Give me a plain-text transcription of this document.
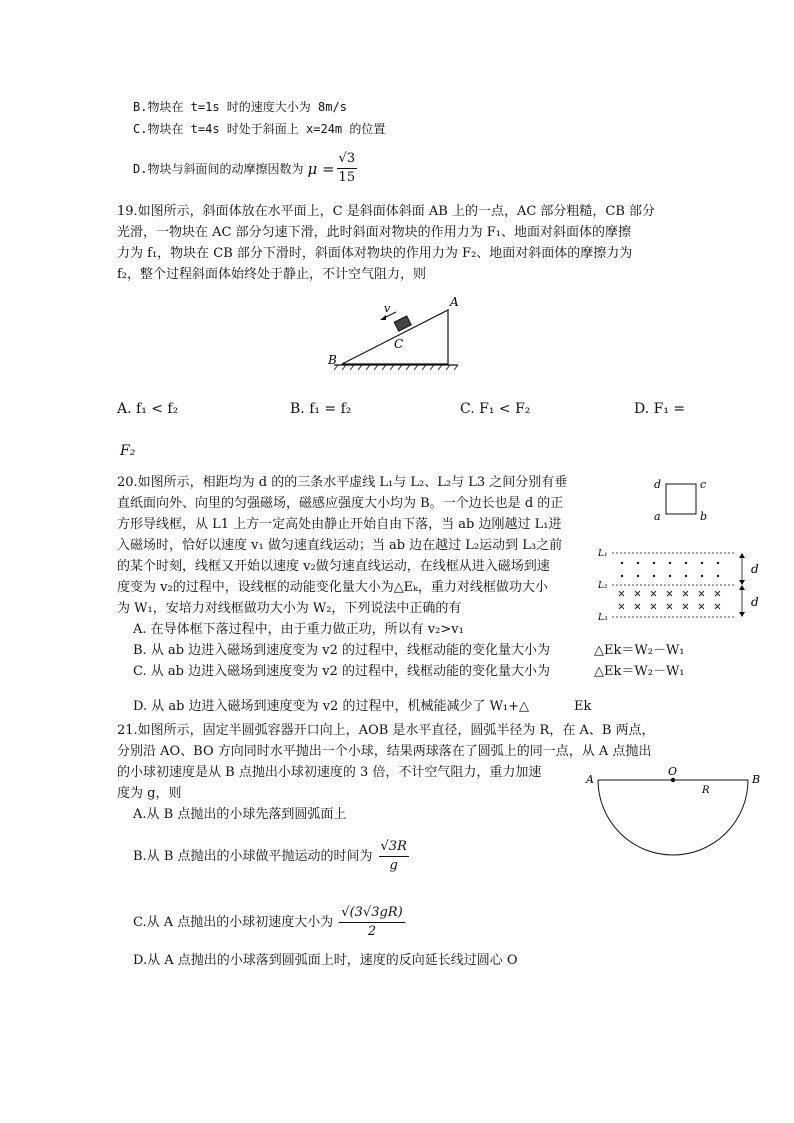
B.物块在 t=1s 时的速度大小为 8m/s
C.物块在 t=4s 时处于斜面上 x=24m 的位置
D.物块与斜面间的动摩擦因数为 $\mu = \frac{√3}{15}$
19.如图所示，斜面体放在水平面上，C 是斜面体斜面 AB 上的一点，AC 部分粗糙，CB 部分
光滑，一物块在 AC 部分匀速下滑，此时斜面对物块的作用力为 F₁、地面对斜面体的摩擦
力为 f₁，物块在 CB 部分下滑时，斜面体对物块的作用力为 F₂、地面对斜面体的摩擦力为
f₂，整个过程斜面体始终处于静止，不计空气阻力，则
v	A
B
C
A. f₁ < f₂	B. f₁ = f₂	C. F₁ < F₂	D. F₁ =
F₂
20.如图所示，相距均为 d 的的三条水平虚线 L₁与 L₂、L₂与 L3 之间分别有垂
直纸面向外、向里的匀强磁场，磁感应强度大小均为 B。一个边长也是 d 的正
方形导线框，从 L1 上方一定高处由静止开始自由下落，当 ab 边刚越过 L₁进
入磁场时，恰好以速度 v₁ 做匀速直线运动；当 ab 边在越过 L₂运动到 L₃之前
的某个时刻，线框又开始以速度 v₂做匀速直线运动，在线框从进入磁场到速
度变为 v₂的过程中，设线框的动能变化量大小为△Eₖ，重力对线框做功大小
为 W₁，安培力对线框做功大小为 W₂，下列说法中正确的有
A. 在导体框下落过程中，由于重力做正功，所以有 v₂>v₁
B. 从 ab 边进入磁场到速度变为 v2 的过程中，线框动能的变化量大小为	△Ek＝W₂－W₁
C. 从 ab 边进入磁场到速度变为 v2 的过程中，线框动能的变化量大小为	△Ek＝W₂－W₁
D. 从 ab 边进入磁场到速度变为 v2 的过程中，机械能减少了 W₁+△	Ek
d	c
a	b
L₁
L₂
L₃
d
d
21.如图所示，固定半圆弧容器开口向上，AOB 是水平直径，圆弧半径为 R，在 A、B 两点，
分别沿 AO、BO 方向同时水平抛出一个小球，结果两球落在了圆弧上的同一点，从 A 点抛出
的小球初速度是从 B 点抛出小球初速度的 3 倍，不计空气阻力，重力加速
度为 g，则
A.从 B 点抛出的小球先落到圆弧面上
B.从 B 点抛出的小球做平抛运动的时间为 $\frac{√3R}{g}$
C.从 A 点抛出的小球初速度大小为 $\frac{√(3√3gR)}{2}$
D.从 A 点抛出的小球落到圆弧面上时，速度的反向延长线过圆心 O
A	B
O
R
